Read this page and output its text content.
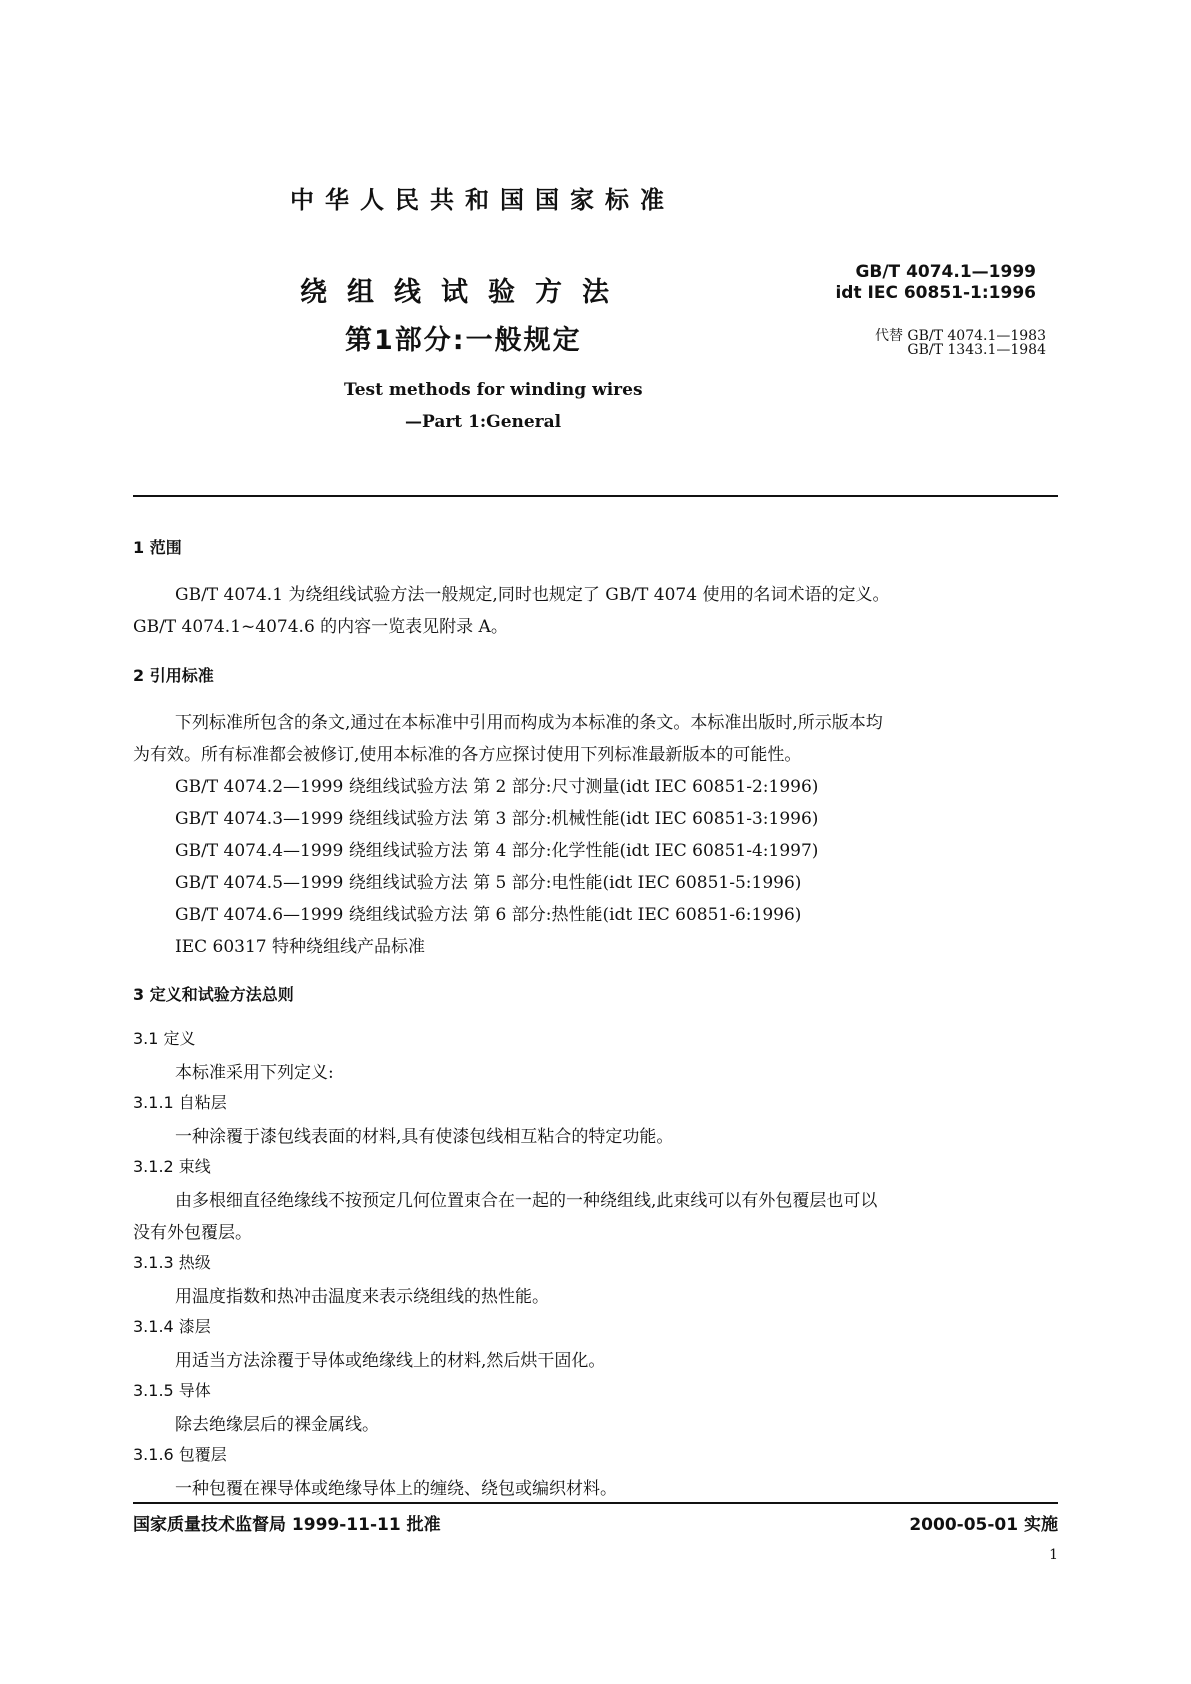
中华人民共和国国家标准
绕组线试验方法
第1部分:一般规定
Test methods for winding wires
—Part 1:General
GB/T 4074.1—1999
idt IEC 60851-1:1996
代替 GB/T 4074.1—1983
GB/T 1343.1—1984
1 范围
GB/T 4074.1 为绕组线试验方法一般规定,同时也规定了 GB/T 4074 使用的名词术语的定义。
GB/T 4074.1~4074.6 的内容一览表见附录 A。
2 引用标准
下列标准所包含的条文,通过在本标准中引用而构成为本标准的条文。本标准出版时,所示版本均
为有效。所有标准都会被修订,使用本标准的各方应探讨使用下列标准最新版本的可能性。
GB/T 4074.2—1999 绕组线试验方法 第 2 部分:尺寸测量(idt IEC 60851-2:1996)
GB/T 4074.3—1999 绕组线试验方法 第 3 部分:机械性能(idt IEC 60851-3:1996)
GB/T 4074.4—1999 绕组线试验方法 第 4 部分:化学性能(idt IEC 60851-4:1997)
GB/T 4074.5—1999 绕组线试验方法 第 5 部分:电性能(idt IEC 60851-5:1996)
GB/T 4074.6—1999 绕组线试验方法 第 6 部分:热性能(idt IEC 60851-6:1996)
IEC 60317 特种绕组线产品标准
3 定义和试验方法总则
3.1 定义
本标准采用下列定义:
3.1.1 自粘层
一种涂覆于漆包线表面的材料,具有使漆包线相互粘合的特定功能。
3.1.2 束线
由多根细直径绝缘线不按预定几何位置束合在一起的一种绕组线,此束线可以有外包覆层也可以
没有外包覆层。
3.1.3 热级
用温度指数和热冲击温度来表示绕组线的热性能。
3.1.4 漆层
用适当方法涂覆于导体或绝缘线上的材料,然后烘干固化。
3.1.5 导体
除去绝缘层后的裸金属线。
3.1.6 包覆层
一种包覆在裸导体或绝缘导体上的缠绕、绕包或编织材料。
国家质量技术监督局 1999-11-11 批准	2000-05-01 实施
1
